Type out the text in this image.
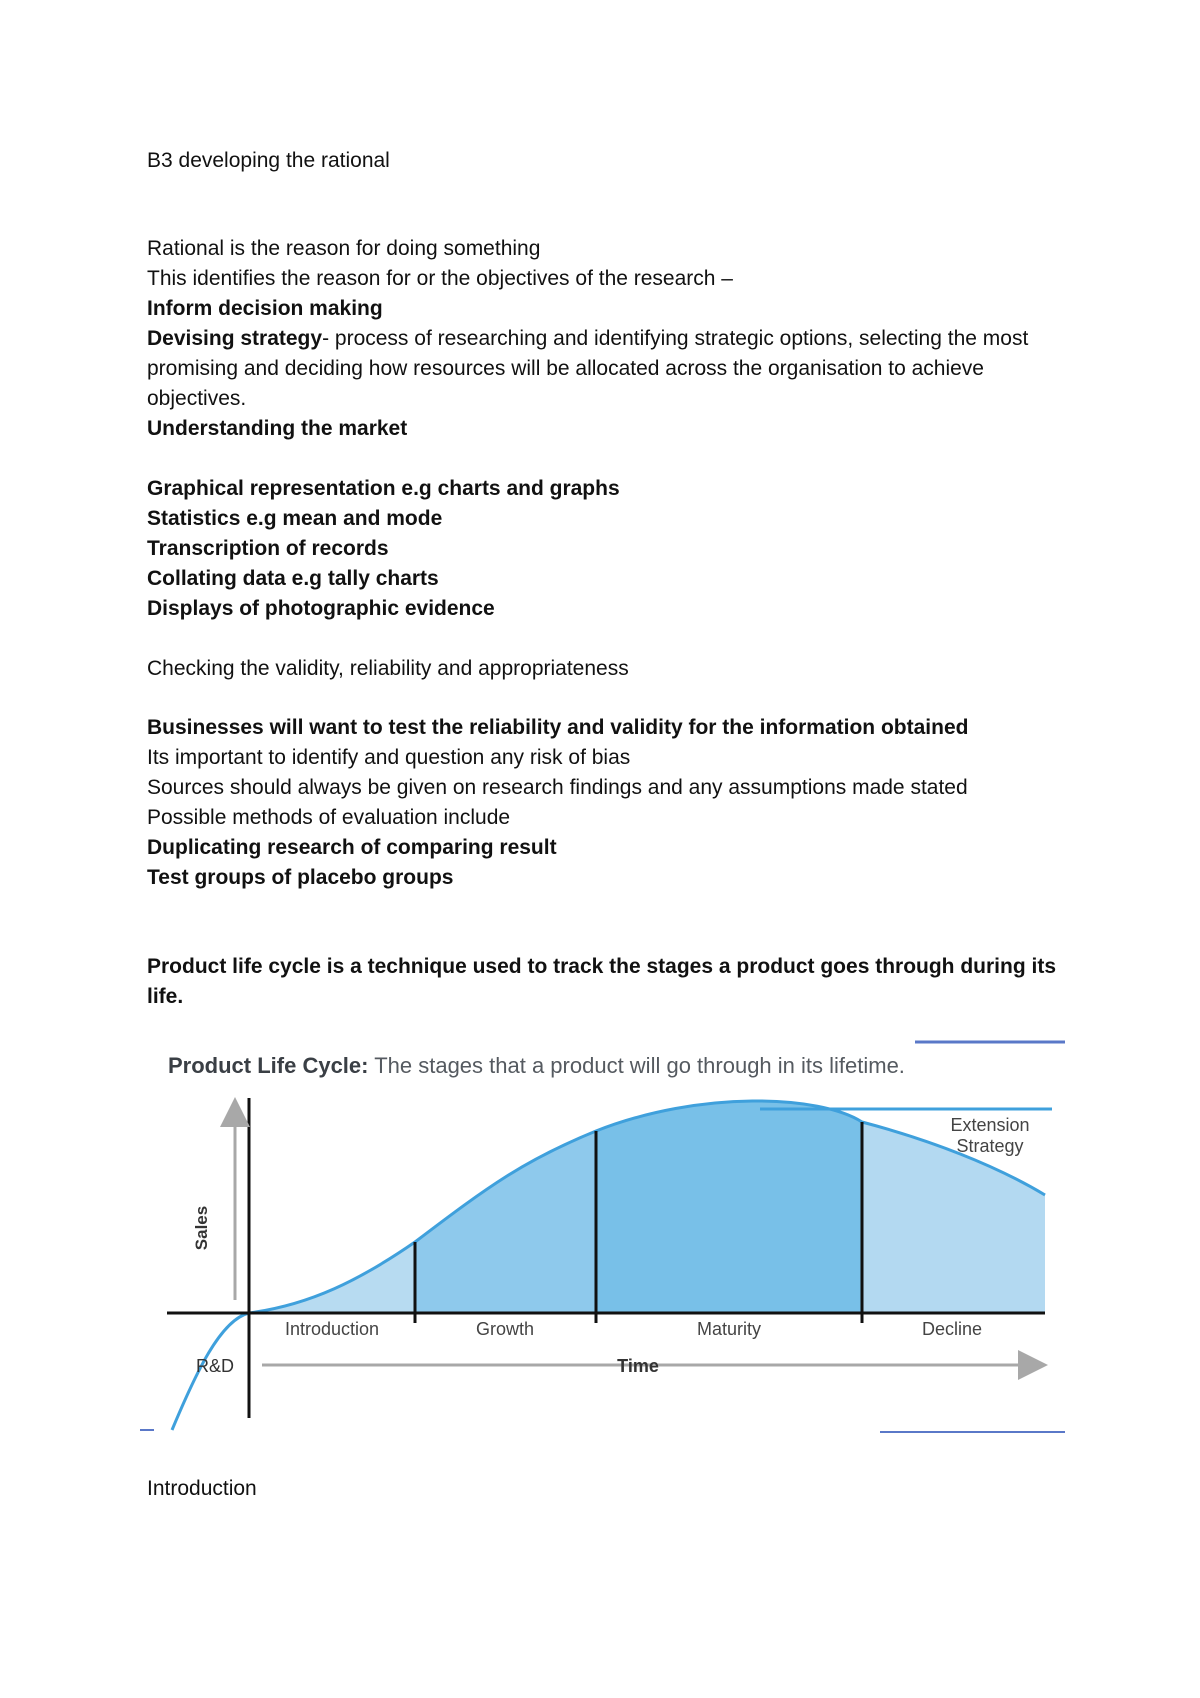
B3 developing the rational
Rational is the reason for doing something
This identifies the reason for or the objectives of the research –
Inform decision making
Devising strategy- process of researching and identifying strategic options, selecting the most promising and deciding how resources will be allocated across the organisation to achieve objectives.
Understanding the market
Graphical representation e.g charts and graphs
Statistics e.g mean and mode
Transcription of records
Collating data e.g tally charts
Displays of photographic evidence
Checking the validity, reliability and appropriateness
Businesses will want to test the reliability and validity for the information obtained
Its important to identify and question any risk of bias
Sources should always be given on research findings and any assumptions made stated
Possible methods of evaluation include
Duplicating research of comparing result
Test groups of placebo groups
Product life cycle is a technique used to track the stages a product goes through during its life.
Product Life Cycle: The stages that a product will go through in its lifetime.
Sales
Time
R&D
Introduction	Growth	Maturity	Decline
Extension
Strategy
Introduction
